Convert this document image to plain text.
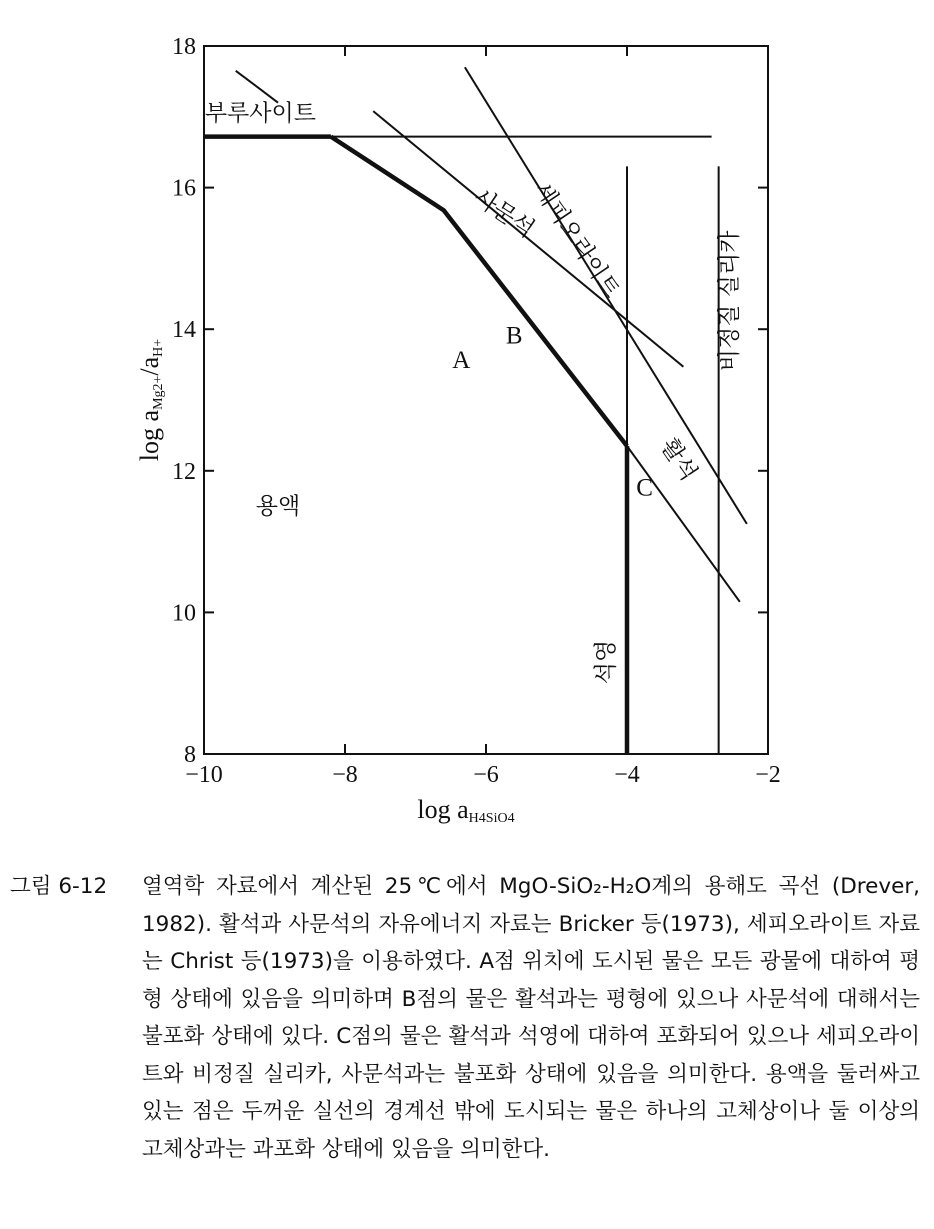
−10	−8	−6	−4	−2
8
10
12
14
16
18
부루사이트
사문석
세피오라이트	비정질 실리카
활석
석영
용액
A
B
C
log aH4SiO4
log aMg2+/aH+
그림 6-12	열역학 자료에서 계산된 25℃에서 MgO-SiO₂-H₂O계의 용해도 곡선 (Drever, 1982). 활석과 사문석의 자유에너지 자료는 Bricker 등(1973), 세피오라이트 자료는 Christ 등(1973)을 이용하였다. A점 위치에 도시된 물은 모든 광물에 대하여 평형 상태에 있음을 의미하며 B점의 물은 활석과는 평형에 있으나 사문석에 대해서는 불포화 상태에 있다. C점의 물은 활석과 석영에 대하여 포화되어 있으나 세피오라이트와 비정질 실리카, 사문석과는 불포화 상태에 있음을 의미한다. 용액을 둘러싸고 있는 점은 두꺼운 실선의 경계선 밖에 도시되는 물은 하나의 고체상이나 둘 이상의 고체상과는 과포화 상태에 있음을 의미한다.
